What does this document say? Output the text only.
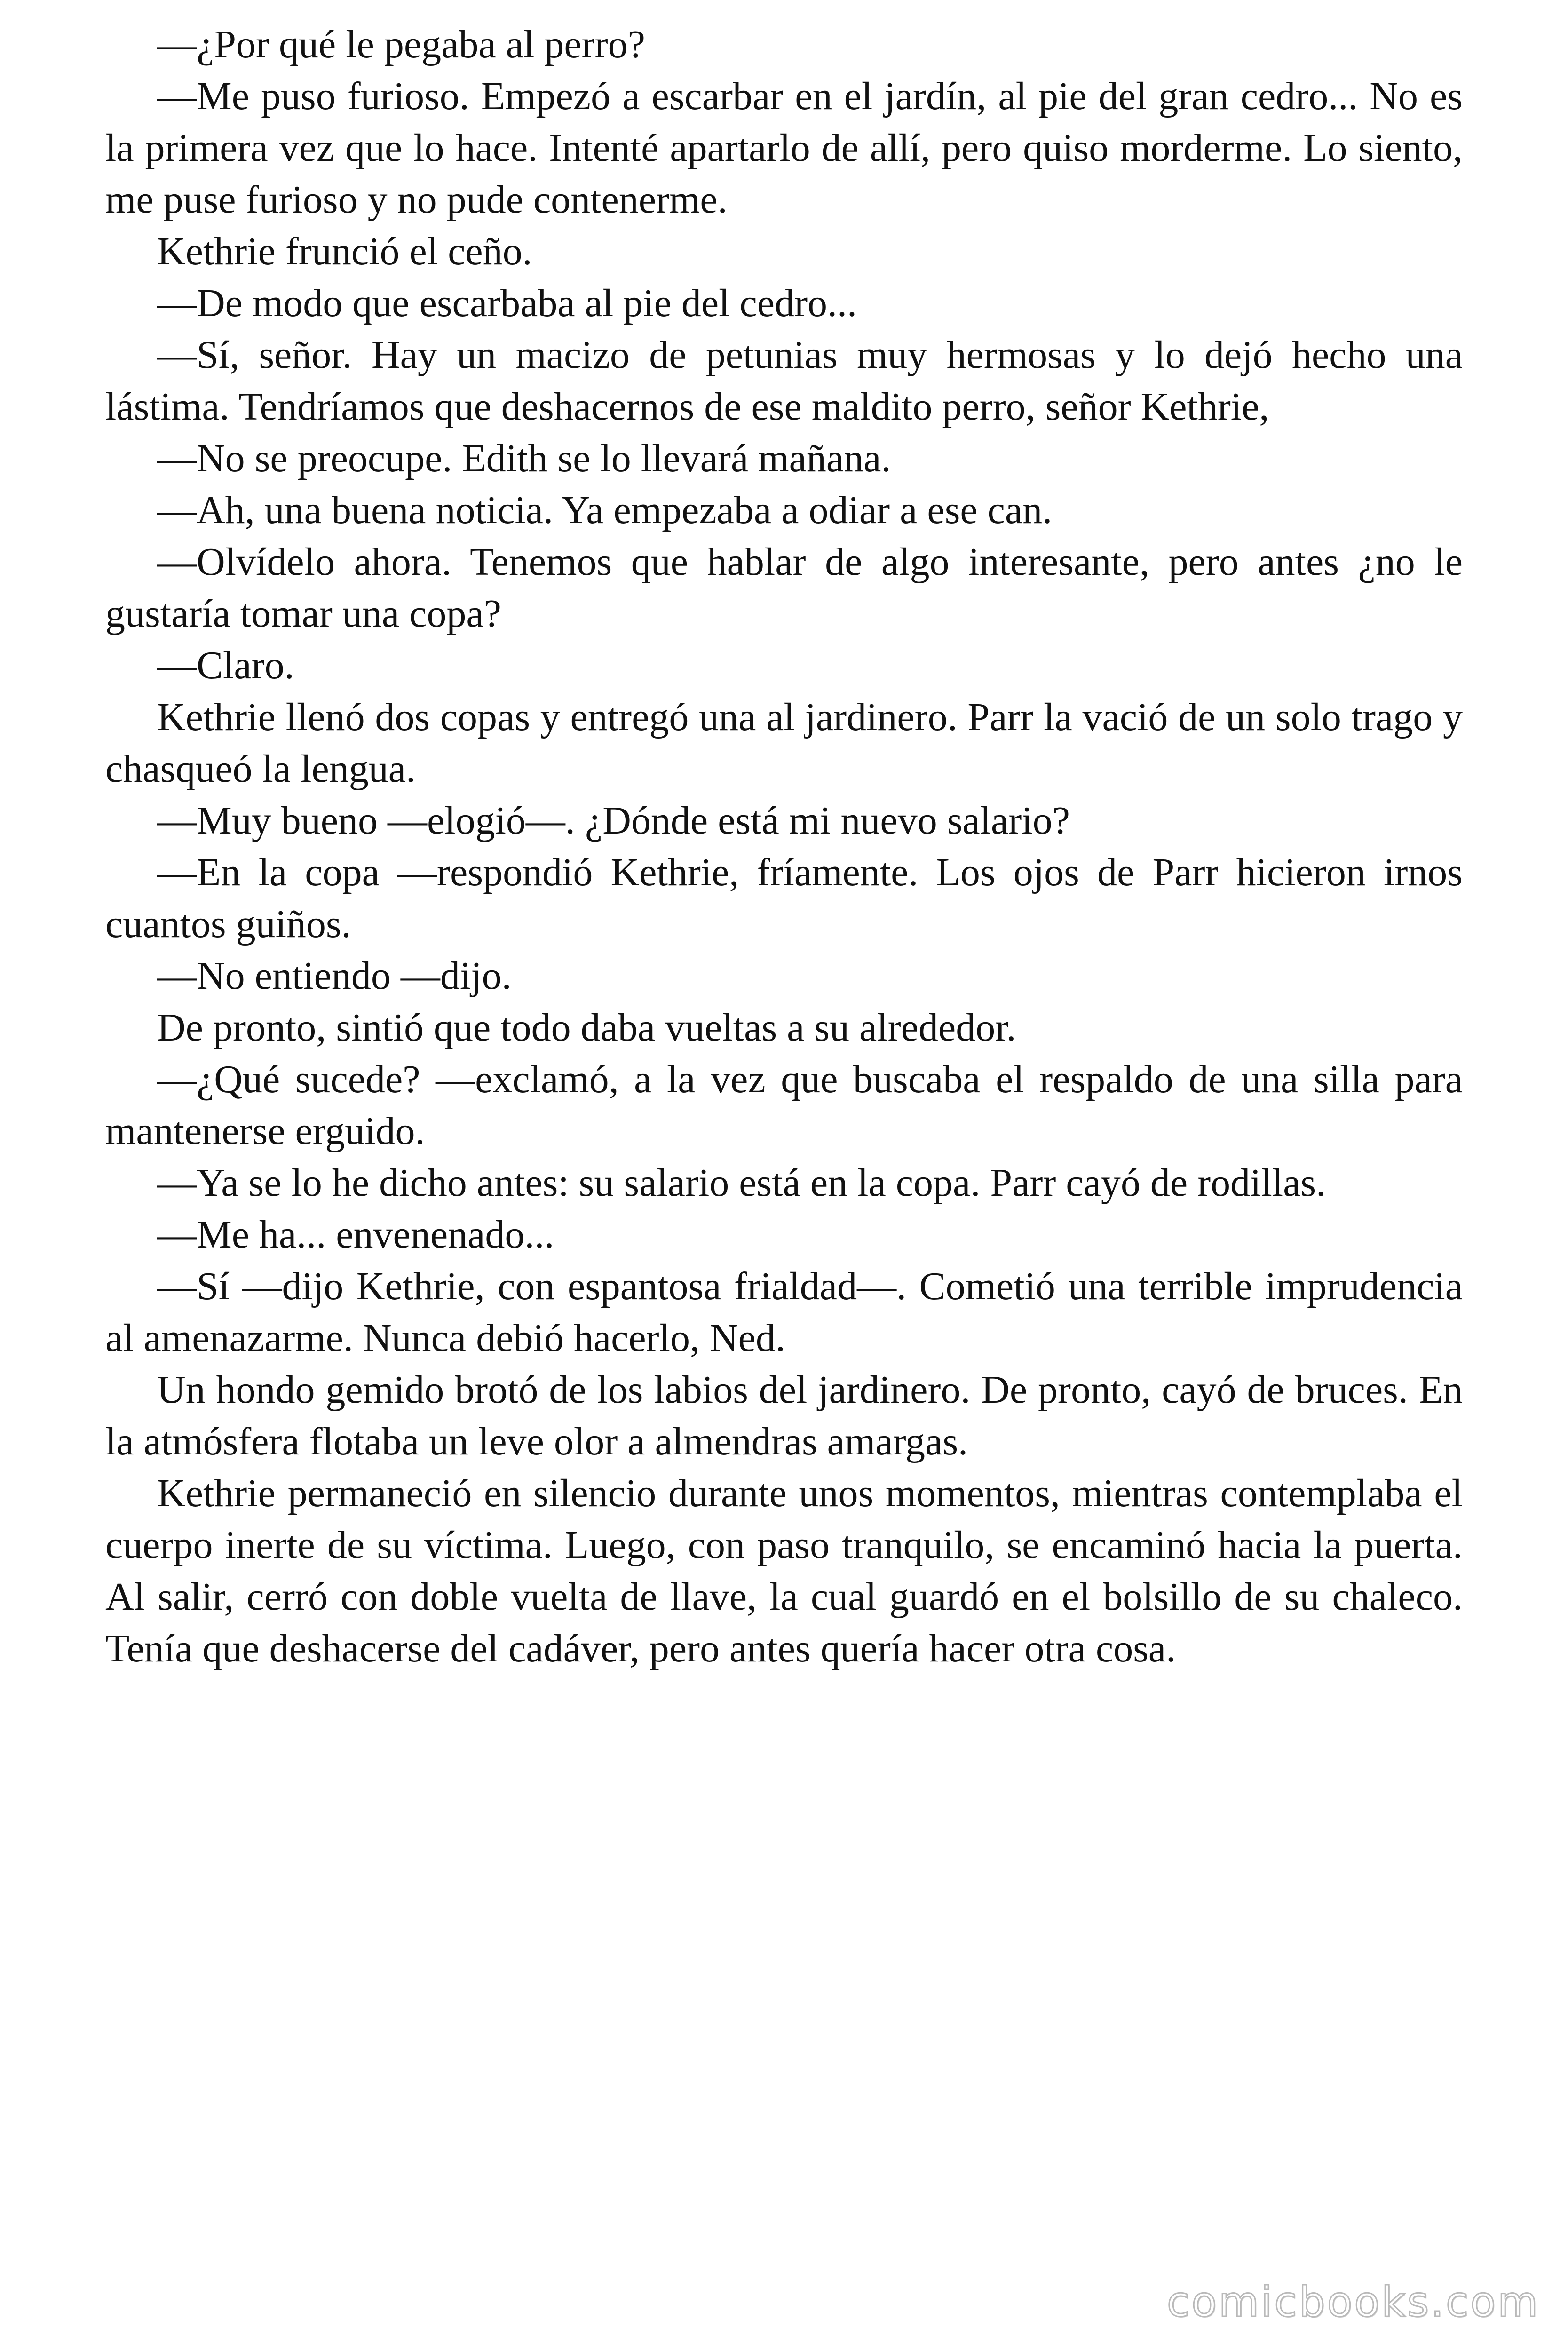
—¿Por qué le pegaba al perro?

—Me puso furioso. Empezó a escarbar en el jardín, al pie del gran cedro... No es la primera vez que lo hace. Intenté apartarlo de allí, pero quiso morderme. Lo siento, me puse furioso y no pude contenerme.

Kethrie frunció el ceño.

—De modo que escarbaba al pie del cedro...

—Sí, señor. Hay un macizo de petunias muy hermosas y lo dejó hecho una lástima. Tendríamos que deshacernos de ese maldito perro, señor Kethrie,

—No se preocupe. Edith se lo llevará mañana.

—Ah, una buena noticia. Ya empezaba a odiar a ese can.

—Olvídelo ahora. Tenemos que hablar de algo interesante, pero antes ¿no le gustaría tomar una copa?

—Claro.

Kethrie llenó dos copas y entregó una al jardinero. Parr la vació de un solo trago y chasqueó la lengua.

—Muy bueno —elogió—. ¿Dónde está mi nuevo salario?

—En la copa —respondió Kethrie, fríamente. Los ojos de Parr hicieron irnos cuantos guiños.

—No entiendo —dijo.

De pronto, sintió que todo daba vueltas a su alrededor.

—¿Qué sucede? —exclamó, a la vez que buscaba el respaldo de una silla para mantenerse erguido.

—Ya se lo he dicho antes: su salario está en la copa. Parr cayó de rodillas.

—Me ha... envenenado...

—Sí —dijo Kethrie, con espantosa frialdad—. Cometió una terrible imprudencia al amenazarme. Nunca debió hacerlo, Ned.

Un hondo gemido brotó de los labios del jardinero. De pronto, cayó de bruces. En la atmósfera flotaba un leve olor a almendras amargas.

Kethrie permaneció en silencio durante unos momentos, mientras contemplaba el cuerpo inerte de su víctima. Luego, con paso tranquilo, se encaminó hacia la puerta. Al salir, cerró con doble vuelta de llave, la cual guardó en el bolsillo de su chaleco. Tenía que deshacerse del cadáver, pero antes quería hacer otra cosa.

comicbooks.com
